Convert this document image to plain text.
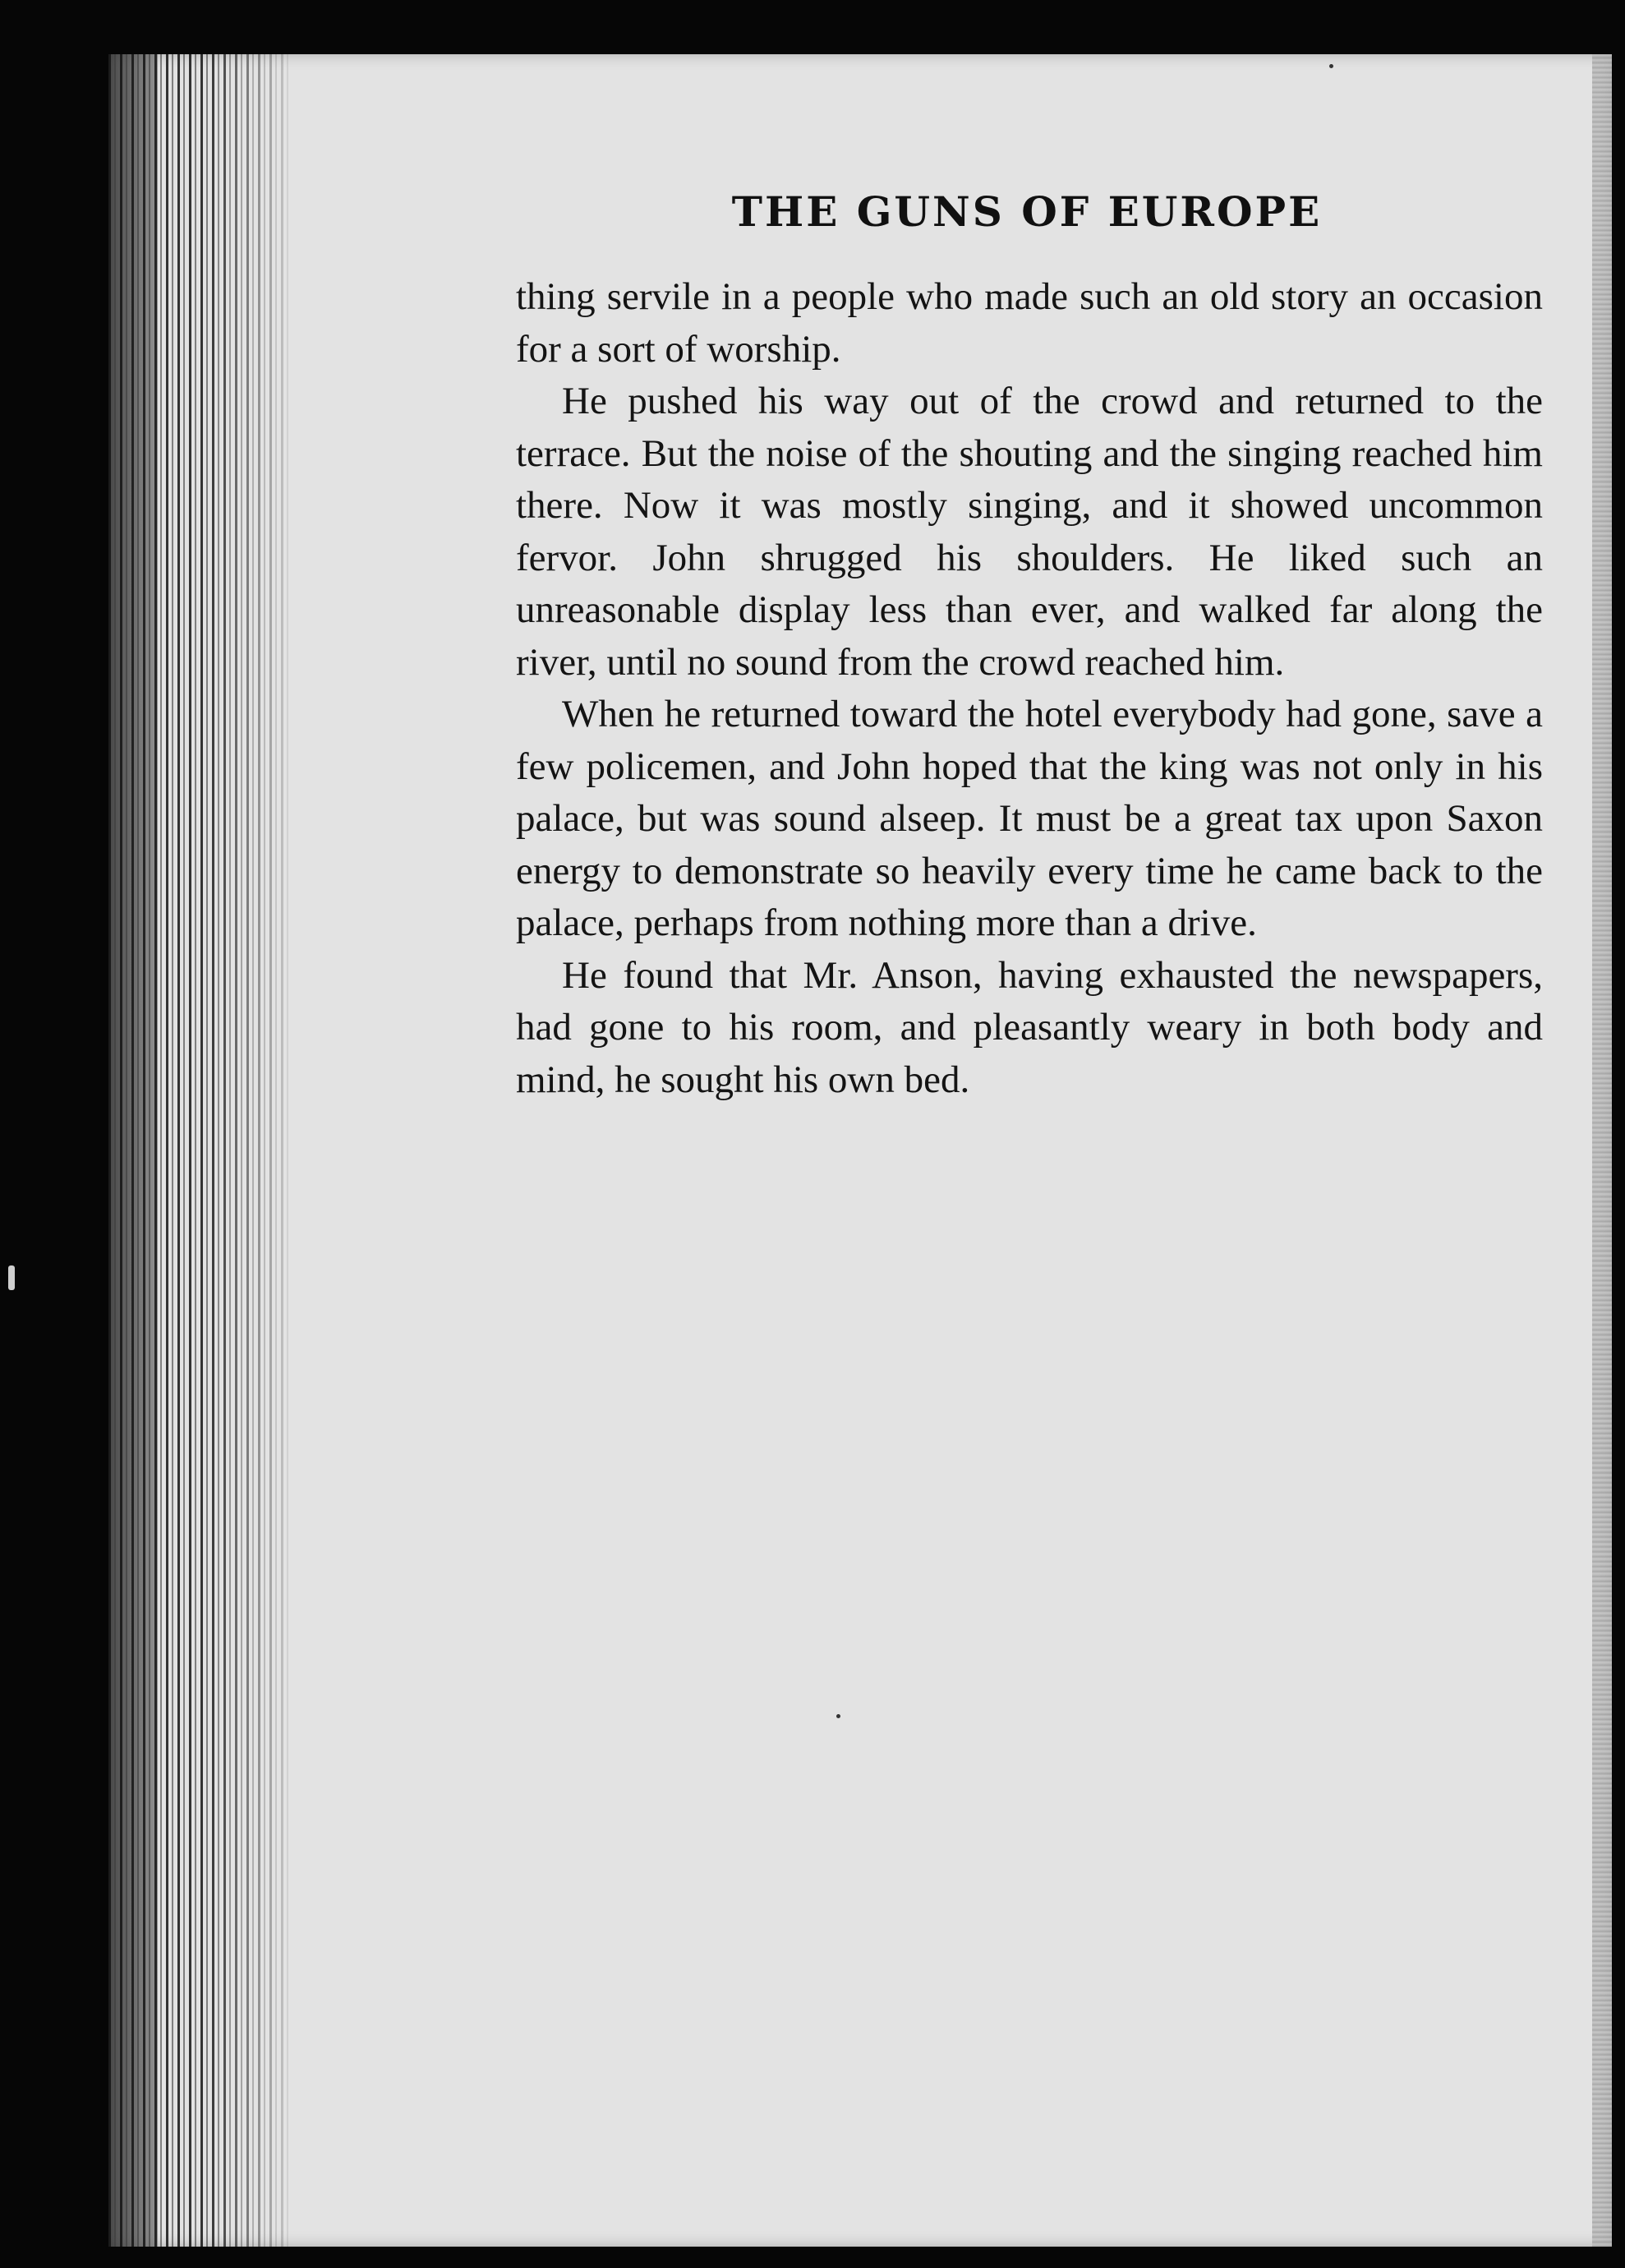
THE GUNS OF EUROPE

thing servile in a people who made such an old story an occasion for a sort of worship.

He pushed his way out of the crowd and returned to the terrace. But the noise of the shouting and the singing reached him there. Now it was mostly singing, and it showed uncommon fervor. John shrugged his shoulders. He liked such an unreasonable display less than ever, and walked far along the river, until no sound from the crowd reached him.

When he returned toward the hotel everybody had gone, save a few policemen, and John hoped that the king was not only in his palace, but was sound alseep. It must be a great tax upon Saxon energy to demonstrate so heavily every time he came back to the palace, perhaps from nothing more than a drive.

He found that Mr. Anson, having exhausted the newspapers, had gone to his room, and pleasantly weary in both body and mind, he sought his own bed.
